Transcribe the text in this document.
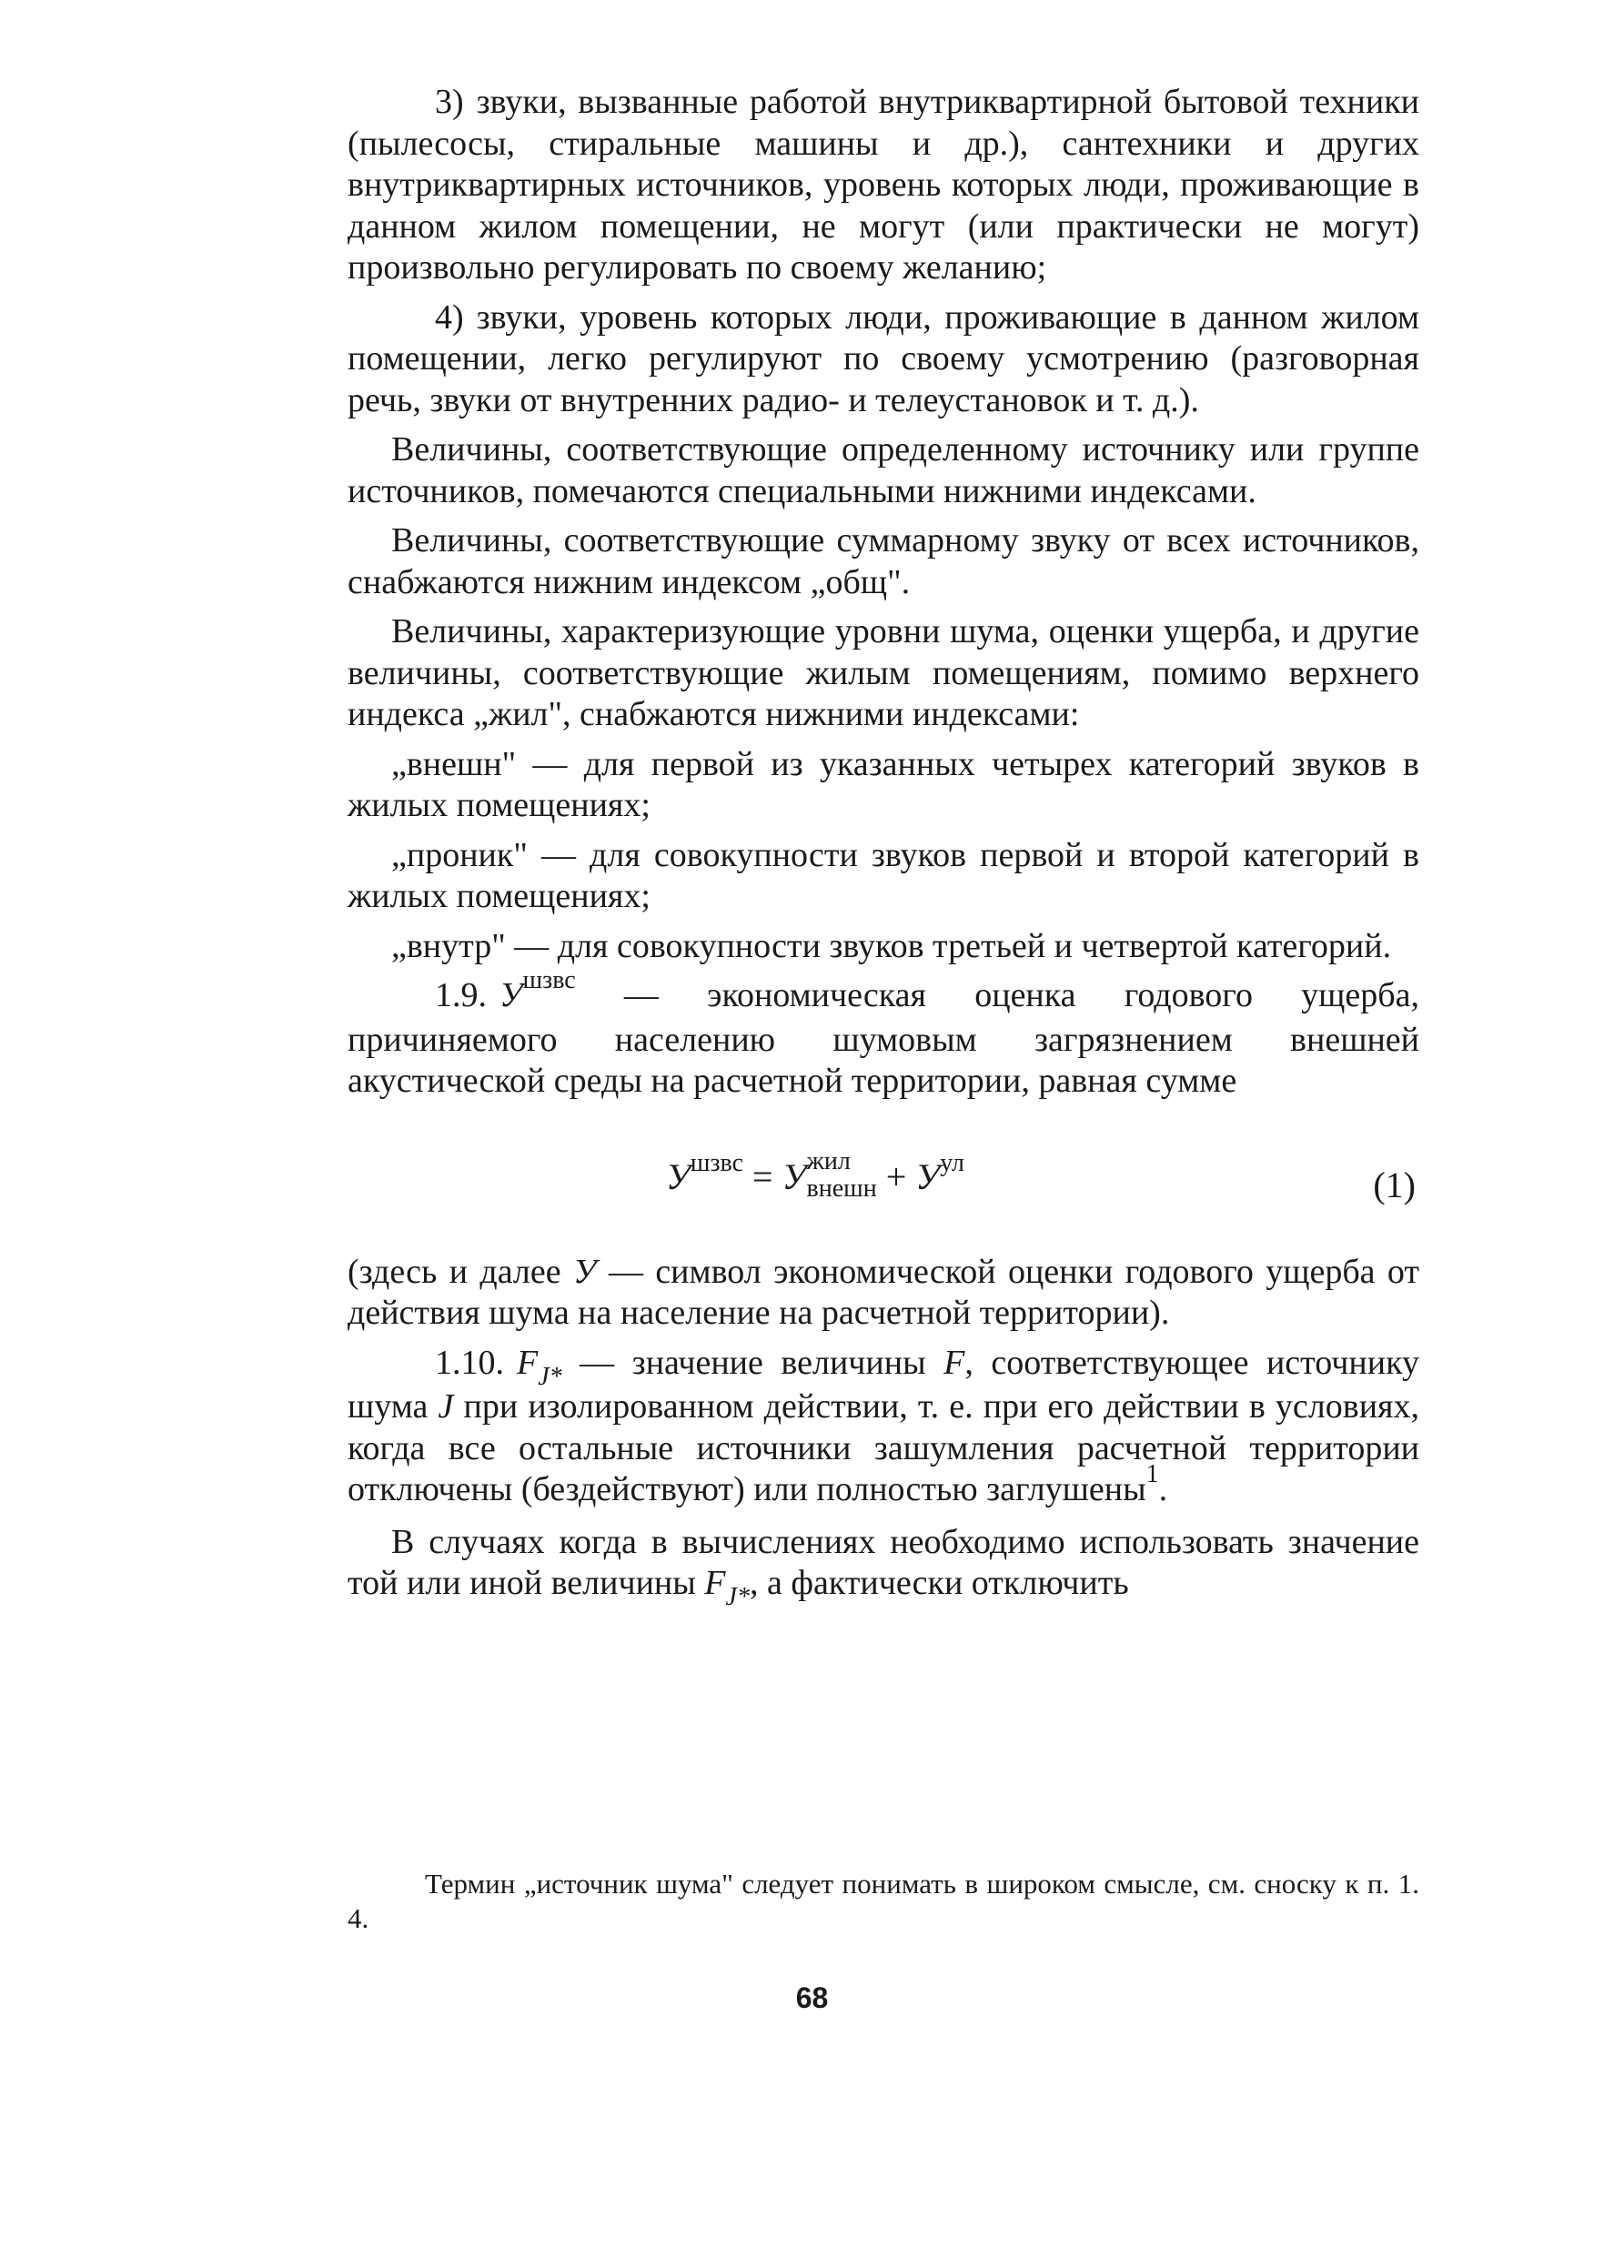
3) звуки, вызванные работой внутриквартирной бытовой техники (пылесосы, стиральные машины и др.), сантехники и других внутриквартирных источников, уровень которых люди, проживающие в данном жилом помещении, не могут (или практически не могут) произвольно регулировать по своему желанию;

4) звуки, уровень которых люди, проживающие в данном жилом помещении, легко регулируют по своему усмотрению (разговорная речь, звуки от внутренних радио- и телеустановок и т. д.).

Величины, соответствующие определенному источнику или группе источников, помечаются специальными нижними индексами.

Величины, соответствующие суммарному звуку от всех источников, снабжаются нижним индексом „общ".

Величины, характеризующие уровни шума, оценки ущерба, и другие величины, соответствующие жилым помещениям, помимо верхнего индекса „жил", снабжаются нижними индексами:

„внешн" — для первой из указанных четырех категорий звуков в жилых помещениях;

„проник" — для совокупности звуков первой и второй категорий в жилых помещениях;

„внутр" — для совокупности звуков третьей и четвертой категорий.

1.9. $У^{шзвс}$ — экономическая оценка годового ущерба, причиняемого населению шумовым загрязнением внешней акустической среды на расчетной территории, равная сумме

$У^{шзвс} = У$ жил
внешн + $У^{ул}$
(1)

(здесь и далее У — символ экономической оценки годового ущерба от действия шума на население на расчетной территории).

1.10. $F_{J*}$ — значение величины F, соответствующее источнику шума J при изолированном действии, т. е. при его действии в условиях, когда все остальные источники зашумления расчетной территории отключены (бездействуют) или полностью заглушены$^1$.

В случаях когда в вычислениях необходимо использовать значение той или иной величины $F_{J*}$, а фактически отключить

Термин „источник шума" следует понимать в широком смысле, см. сноску к п. 1. 4.
68
